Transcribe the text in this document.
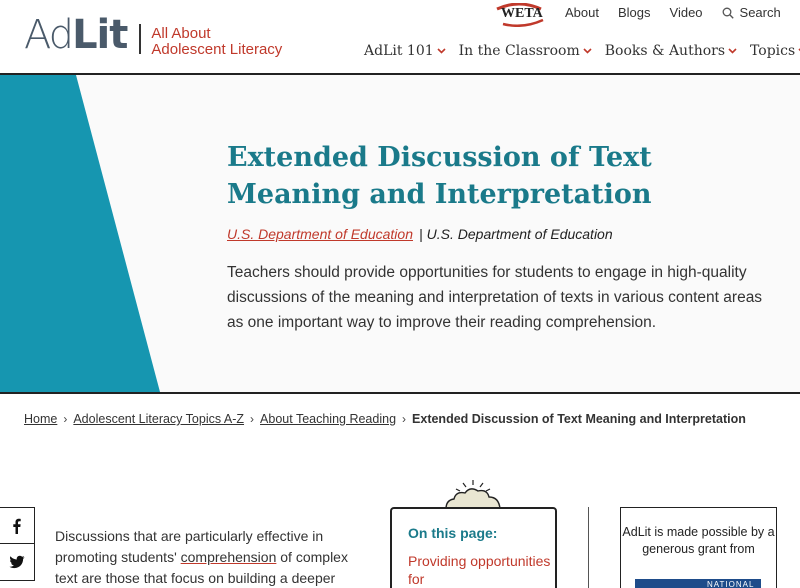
Ad Lit All About
Adolescent Literacy
WETA About Blogs Video	Search
AdLit 101 In the Classroom Books & Authors Topics
Extended Discussion of Text Meaning and Interpretation
U.S. Department of Education | U.S. Department of Education

Teachers should provide opportunities for students to engage in high-quality discussions of the meaning and interpretation of texts in various content areas as one important way to improve their reading comprehension.

Home › Adolescent Literacy Topics A-Z › About Teaching Reading › Extended Discussion of Text Meaning and Interpretation

Discussions that are particularly effective in promoting students' comprehension of complex text are those that focus on building a deeper

On this page:
Providing opportunities for
AdLit is made possible by a generous grant from
NATIONAL
